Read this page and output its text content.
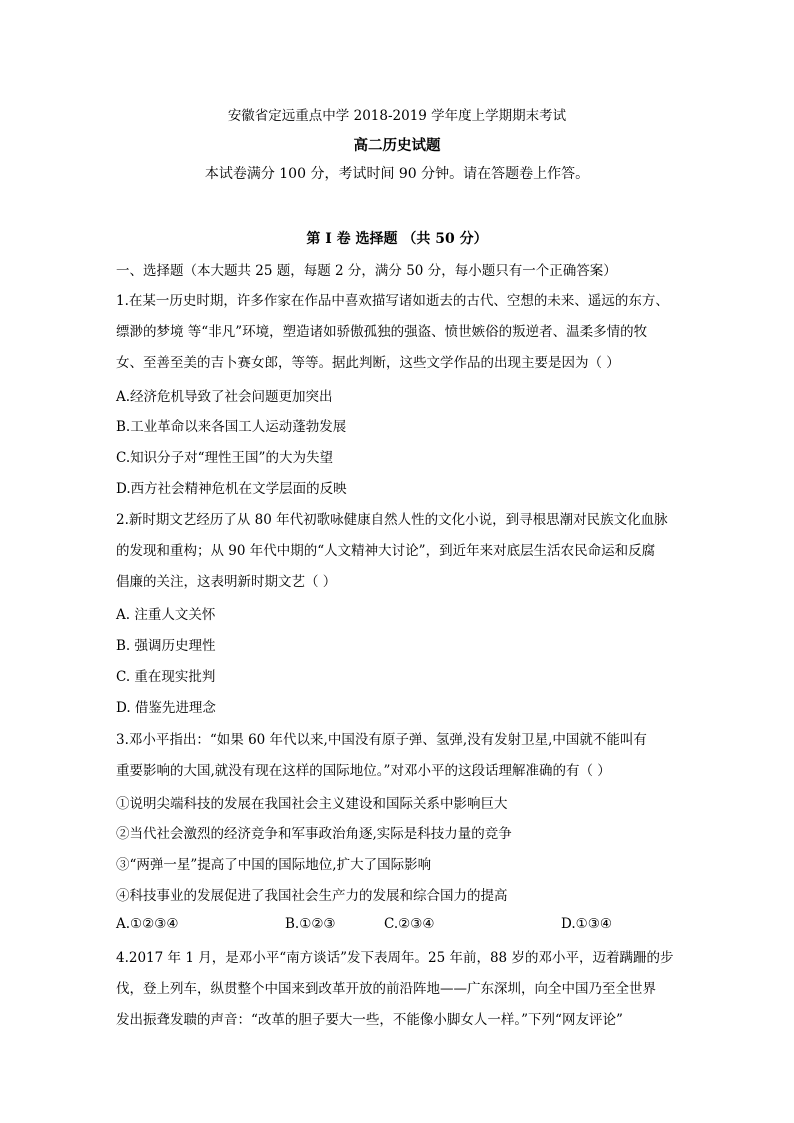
安徽省定远重点中学 2018-2019 学年度上学期期末考试
高二历史试题
本试卷满分 100 分，考试时间 90 分钟。请在答题卷上作答。
第 I 卷 选择题 （共 50 分）
一、选择题（本大题共 25 题，每题 2 分，满分 50 分，每小题只有一个正确答案）
1.在某一历史时期，许多作家在作品中喜欢描写诸如逝去的古代、空想的未来、遥远的东方、
缥渺的梦境 等“非凡”环境，塑造诸如骄傲孤独的强盗、愤世嫉俗的叛逆者、温柔多情的牧
女、至善至美的吉卜赛女郎，等等。据此判断，这些文学作品的出现主要是因为（ ）
A.经济危机导致了社会问题更加突出
B.工业革命以来各国工人运动蓬勃发展
C.知识分子对“理性王国”的大为失望
D.西方社会精神危机在文学层面的反映
2.新时期文艺经历了从 80 年代初歌咏健康自然人性的文化小说，到寻根思潮对民族文化血脉
的发现和重构；从 90 年代中期的“人文精神大讨论”，到近年来对底层生活农民命运和反腐
倡廉的关注，这表明新时期文艺（ ）
A. 注重人文关怀
B. 强调历史理性
C. 重在现实批判
D. 借鉴先进理念
3.邓小平指出：“如果 60 年代以来,中国没有原子弹、氢弹,没有发射卫星,中国就不能叫有
重要影响的大国,就没有现在这样的国际地位。”对邓小平的这段话理解准确的有（ ）
①说明尖端科技的发展在我国社会主义建设和国际关系中影响巨大
②当代社会激烈的经济竞争和军事政治角逐,实际是科技力量的竞争
③“两弹一星”提高了中国的国际地位,扩大了国际影响
④科技事业的发展促进了我国社会生产力的发展和综合国力的提高
A.①②③④	B.①②③	C.②③④	D.①③④
4.2017 年 1 月，是邓小平“南方谈话”发下表周年。25 年前，88 岁的邓小平，迈着蹒跚的步
伐，登上列车，纵贯整个中国来到改革开放的前沿阵地——广东深圳，向全中国乃至全世界
发出振聋发聩的声音：“改革的胆子要大一些，不能像小脚女人一样。”下列“网友评论”
